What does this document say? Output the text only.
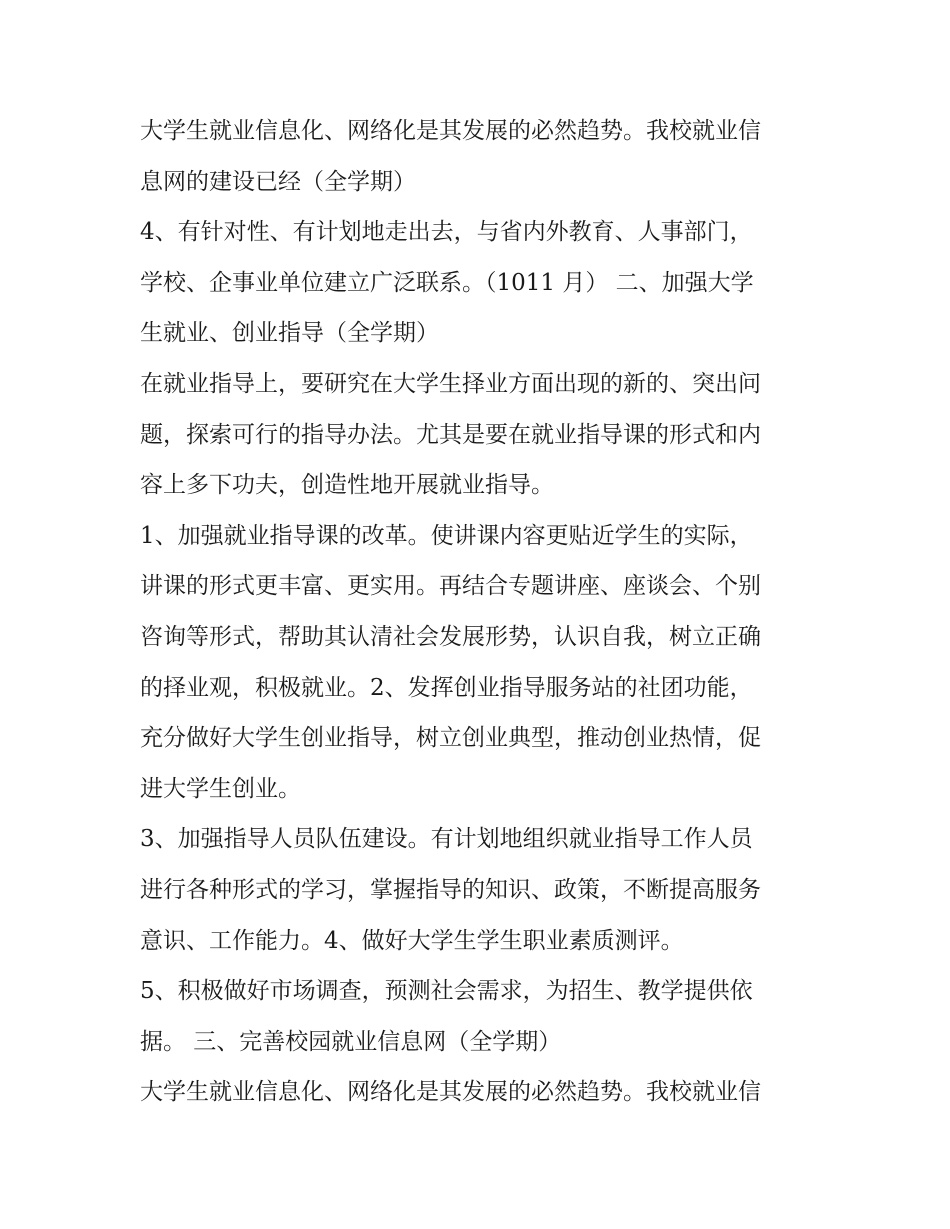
大学生就业信息化、网络化是其发展的必然趋势。我校就业信
息网的建设已经（全学期）
4、有针对性、有计划地走出去，与省内外教育、人事部门，
学校、企事业单位建立广泛联系。（1011 月） 二、加强大学
生就业、创业指导（全学期）
在就业指导上，要研究在大学生择业方面出现的新的、突出问
题，探索可行的指导办法。尤其是要在就业指导课的形式和内
容上多下功夫，创造性地开展就业指导。
1、加强就业指导课的改革。使讲课内容更贴近学生的实际，
讲课的形式更丰富、更实用。再结合专题讲座、座谈会、个别
咨询等形式，帮助其认清社会发展形势，认识自我，树立正确
的择业观，积极就业。2、发挥创业指导服务站的社团功能，
充分做好大学生创业指导，树立创业典型，推动创业热情，促
进大学生创业。
3、加强指导人员队伍建设。有计划地组织就业指导工作人员
进行各种形式的学习，掌握指导的知识、政策，不断提高服务
意识、工作能力。4、做好大学生学生职业素质测评。
5、积极做好市场调查，预测社会需求，为招生、教学提供依
据。 三、完善校园就业信息网（全学期）
大学生就业信息化、网络化是其发展的必然趋势。我校就业信
